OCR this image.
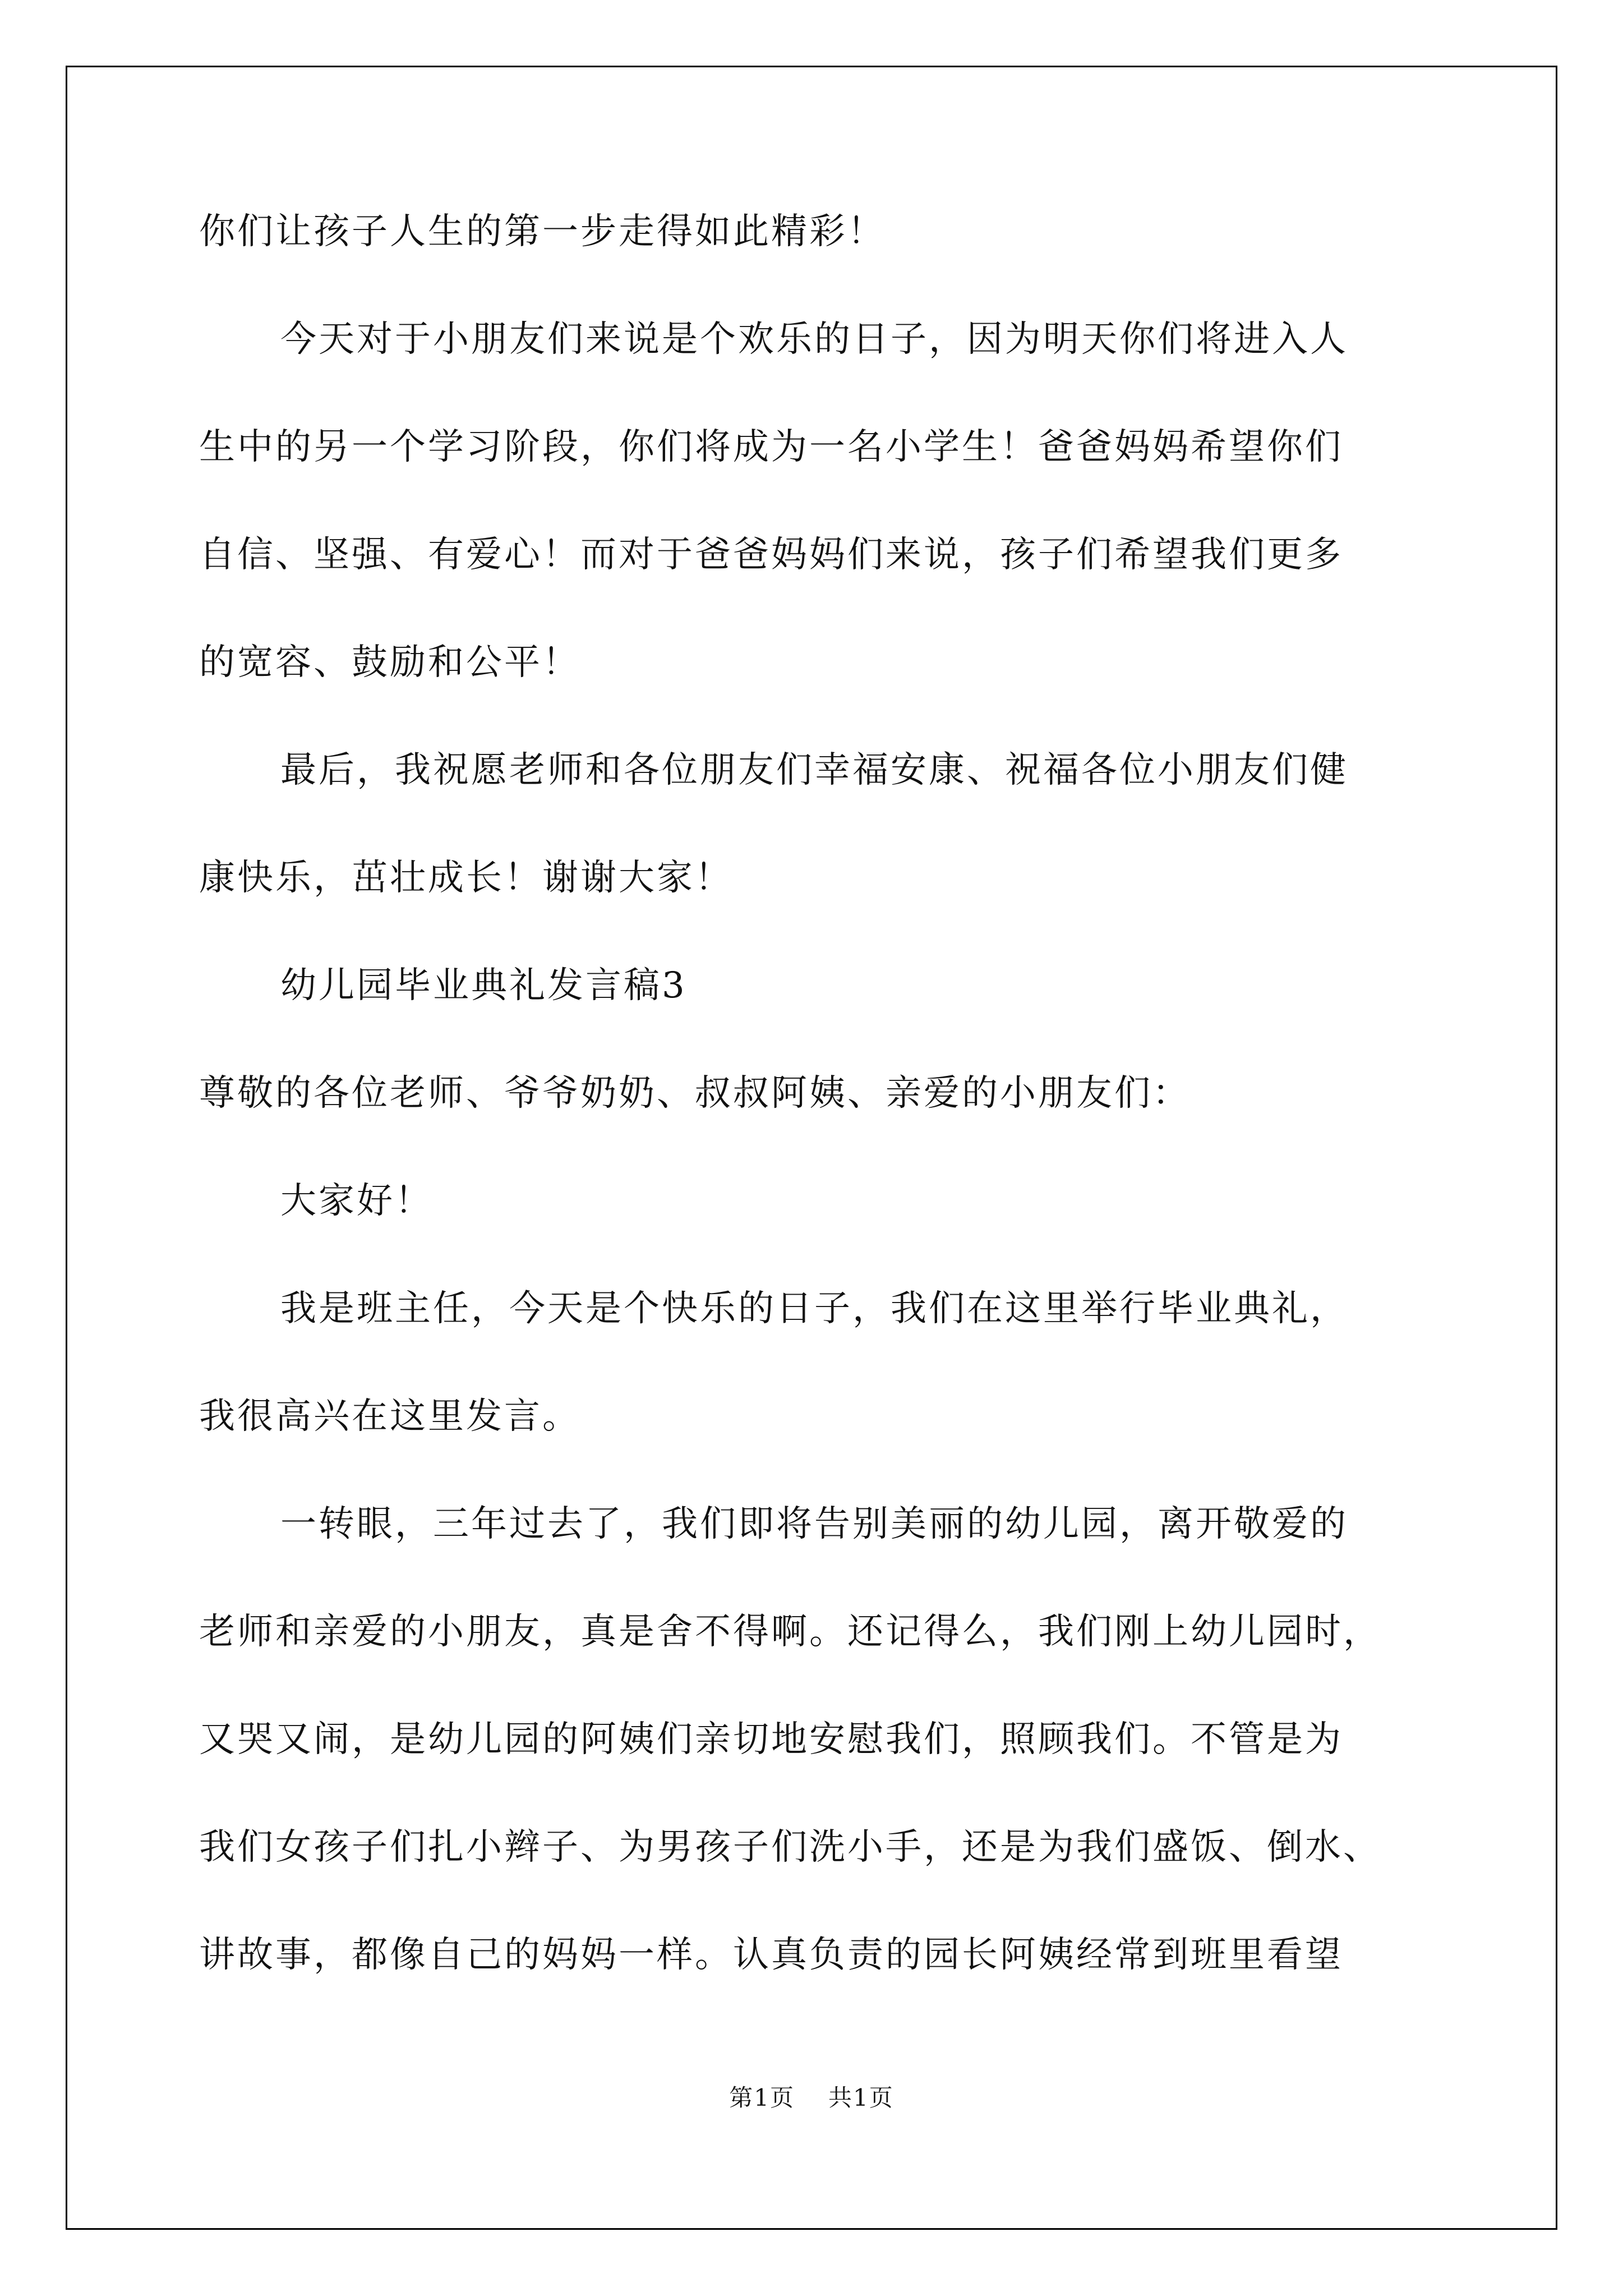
你们让孩子人生的第一步走得如此精彩！
今天对于小朋友们来说是个欢乐的日子，因为明天你们将进入人
生中的另一个学习阶段，你们将成为一名小学生！爸爸妈妈希望你们
自信、坚强、有爱心！而对于爸爸妈妈们来说，孩子们希望我们更多
的宽容、鼓励和公平！
最后，我祝愿老师和各位朋友们幸福安康、祝福各位小朋友们健
康快乐，茁壮成长！谢谢大家！
幼儿园毕业典礼发言稿3
尊敬的各位老师、爷爷奶奶、叔叔阿姨、亲爱的小朋友们：
大家好！
我是班主任，今天是个快乐的日子，我们在这里举行毕业典礼，
我很高兴在这里发言。
一转眼，三年过去了，我们即将告别美丽的幼儿园，离开敬爱的
老师和亲爱的小朋友，真是舍不得啊。还记得么，我们刚上幼儿园时，
又哭又闹，是幼儿园的阿姨们亲切地安慰我们，照顾我们。不管是为
我们女孩子们扎小辫子、为男孩子们洗小手，还是为我们盛饭、倒水、
讲故事，都像自己的妈妈一样。认真负责的园长阿姨经常到班里看望
第1页 共1页
